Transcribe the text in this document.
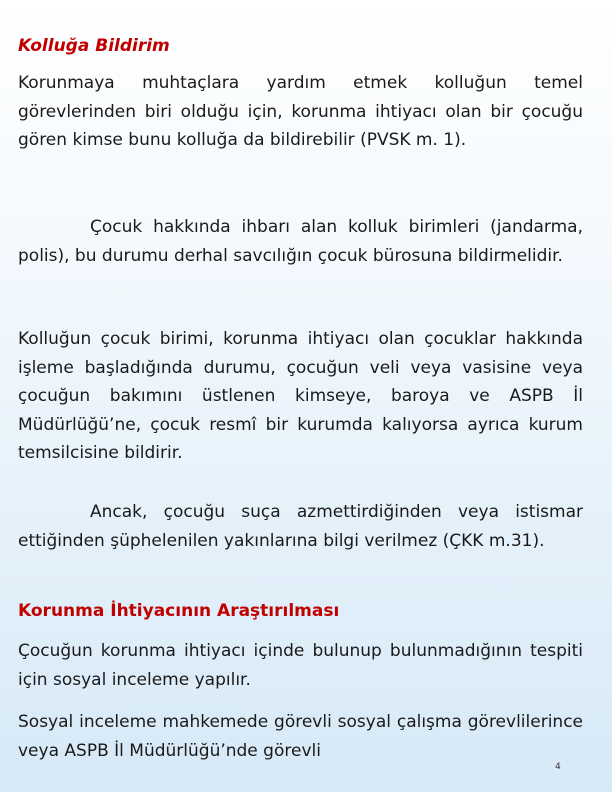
Kolluğa Bildirim

Korunmaya muhtaçlara yardım etmek kolluğun temel görevlerinden biri olduğu için, korunma ihtiyacı olan bir çocuğu gören kimse bunu kolluğa da bildirebilir (PVSK m. 1).

Çocuk hakkında ihbarı alan kolluk birimleri (jandarma, polis), bu durumu derhal savcılığın çocuk bürosuna bildirmelidir.

Kolluğun çocuk birimi, korunma ihtiyacı olan çocuklar hakkında işleme başladığında durumu, çocuğun veli veya vasisine veya çocuğun bakımını üstlenen kimseye, baroya ve ASPB İl Müdürlüğü’ne, çocuk resmî bir kurumda kalıyorsa ayrıca kurum temsilcisine bildirir.

Ancak, çocuğu suça azmettirdiğinden veya istismar ettiğinden şüphelenilen yakınlarına bilgi verilmez (ÇKK m.31).

Korunma İhtiyacının Araştırılması

Çocuğun korunma ihtiyacı içinde bulunup bulunmadığının tespiti için sosyal inceleme yapılır.

Sosyal inceleme mahkemede görevli sosyal çalışma görevlilerince veya ASPB İl Müdürlüğü’nde görevli

4
